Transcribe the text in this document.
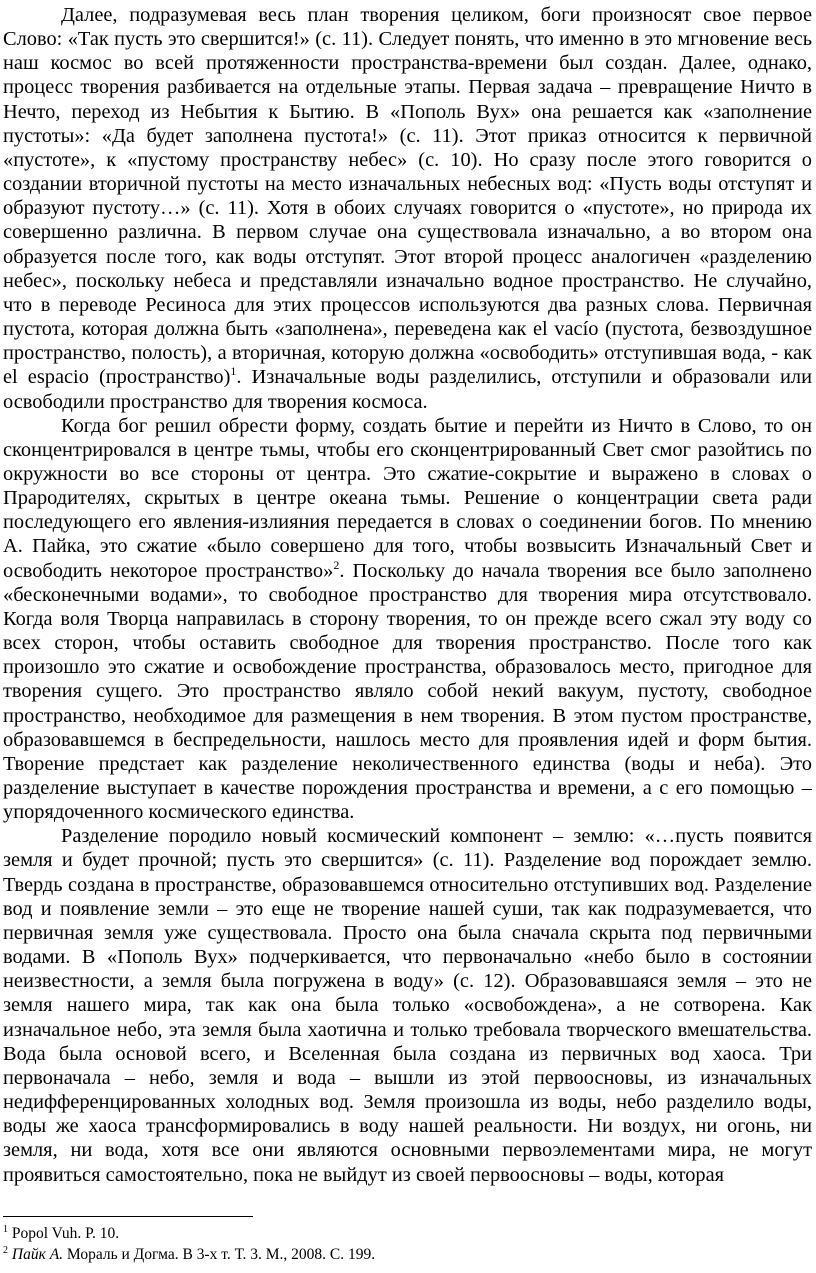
Далее, подразумевая весь план творения целиком, боги произносят свое первое Слово: «Так пусть это свершится!» (с. 11). Следует понять, что именно в это мгновение весь наш космос во всей протяженности пространства-времени был создан. Далее, однако, процесс творения разбивается на отдельные этапы. Первая задача – превращение Ничто в Нечто, переход из Небытия к Бытию. В «Пополь Вух» она решается как «заполнение пустоты»: «Да будет заполнена пустота!» (с. 11). Этот приказ относится к первичной «пустоте», к «пустому пространству небес» (с. 10). Но сразу после этого говорится о создании вторичной пустоты на место изначальных небесных вод: «Пусть воды отступят и образуют пустоту…» (с. 11). Хотя в обоих случаях говорится о «пустоте», но природа их совершенно различна. В первом случае она существовала изначально, а во втором она образуется после того, как воды отступят. Этот второй процесс аналогичен «разделению небес», поскольку небеса и представляли изначально водное пространство. Не случайно, что в переводе Ресиноса для этих процессов используются два разных слова. Первичная пустота, которая должна быть «заполнена», переведена как el vacío (пустота, безвоздушное пространство, полость), а вторичная, которую должна «освободить» отступившая вода, - как el espacio (пространство)$^1$. Изначальные воды разделились, отступили и образовали или освободили пространство для творения космоса.

Когда бог решил обрести форму, создать бытие и перейти из Ничто в Слово, то он сконцентрировался в центре тьмы, чтобы его сконцентрированный Свет смог разойтись по окружности во все стороны от центра. Это сжатие-сокрытие и выражено в словах о Прародителях, скрытых в центре океана тьмы. Решение о концентрации света ради последующего его явления-излияния передается в словах о соединении богов. По мнению А. Пайка, это сжатие «было совершено для того, чтобы возвысить Изначальный Свет и освободить некоторое пространство»$^2$. Поскольку до начала творения все было заполнено «бесконечными водами», то свободное пространство для творения мира отсутствовало. Когда воля Творца направилась в сторону творения, то он прежде всего сжал эту воду со всех сторон, чтобы оставить свободное для творения пространство. После того как произошло это сжатие и освобождение пространства, образовалось место, пригодное для творения сущего. Это пространство являло собой некий вакуум, пустоту, свободное пространство, необходимое для размещения в нем творения. В этом пустом пространстве, образовавшемся в беспредельности, нашлось место для проявления идей и форм бытия. Творение предстает как разделение неколичественного единства (воды и неба). Это разделение выступает в качестве порождения пространства и времени, а с его помощью – упорядоченного космического единства.

Разделение породило новый космический компонент – землю: «…пусть появится земля и будет прочной; пусть это свершится» (с. 11). Разделение вод порождает землю. Твердь создана в пространстве, образовавшемся относительно отступивших вод. Разделение вод и появление земли – это еще не творение нашей суши, так как подразумевается, что первичная земля уже существовала. Просто она была сначала скрыта под первичными водами. В «Пополь Вух» подчеркивается, что первоначально «небо было в состоянии неизвестности, а земля была погружена в воду» (с. 12). Образовавшаяся земля – это не земля нашего мира, так как она была только «освобождена», а не сотворена. Как изначальное небо, эта земля была хаотична и только требовала творческого вмешательства. Вода была основой всего, и Вселенная была создана из первичных вод хаоса. Три первоначала – небо, земля и вода – вышли из этой первоосновы, из изначальных недифференцированных холодных вод. Земля произошла из воды, небо разделило воды, воды же хаоса трансформировались в воду нашей реальности. Ни воздух, ни огонь, ни земля, ни вода, хотя все они являются основными первоэлементами мира, не могут проявиться самостоятельно, пока не выйдут из своей первоосновы – воды, которая

$^1$ Popol Vuh. P. 10.

$^2$ Пайк А. Мораль и Догма. В 3-х т. Т. 3. М., 2008. С. 199.
